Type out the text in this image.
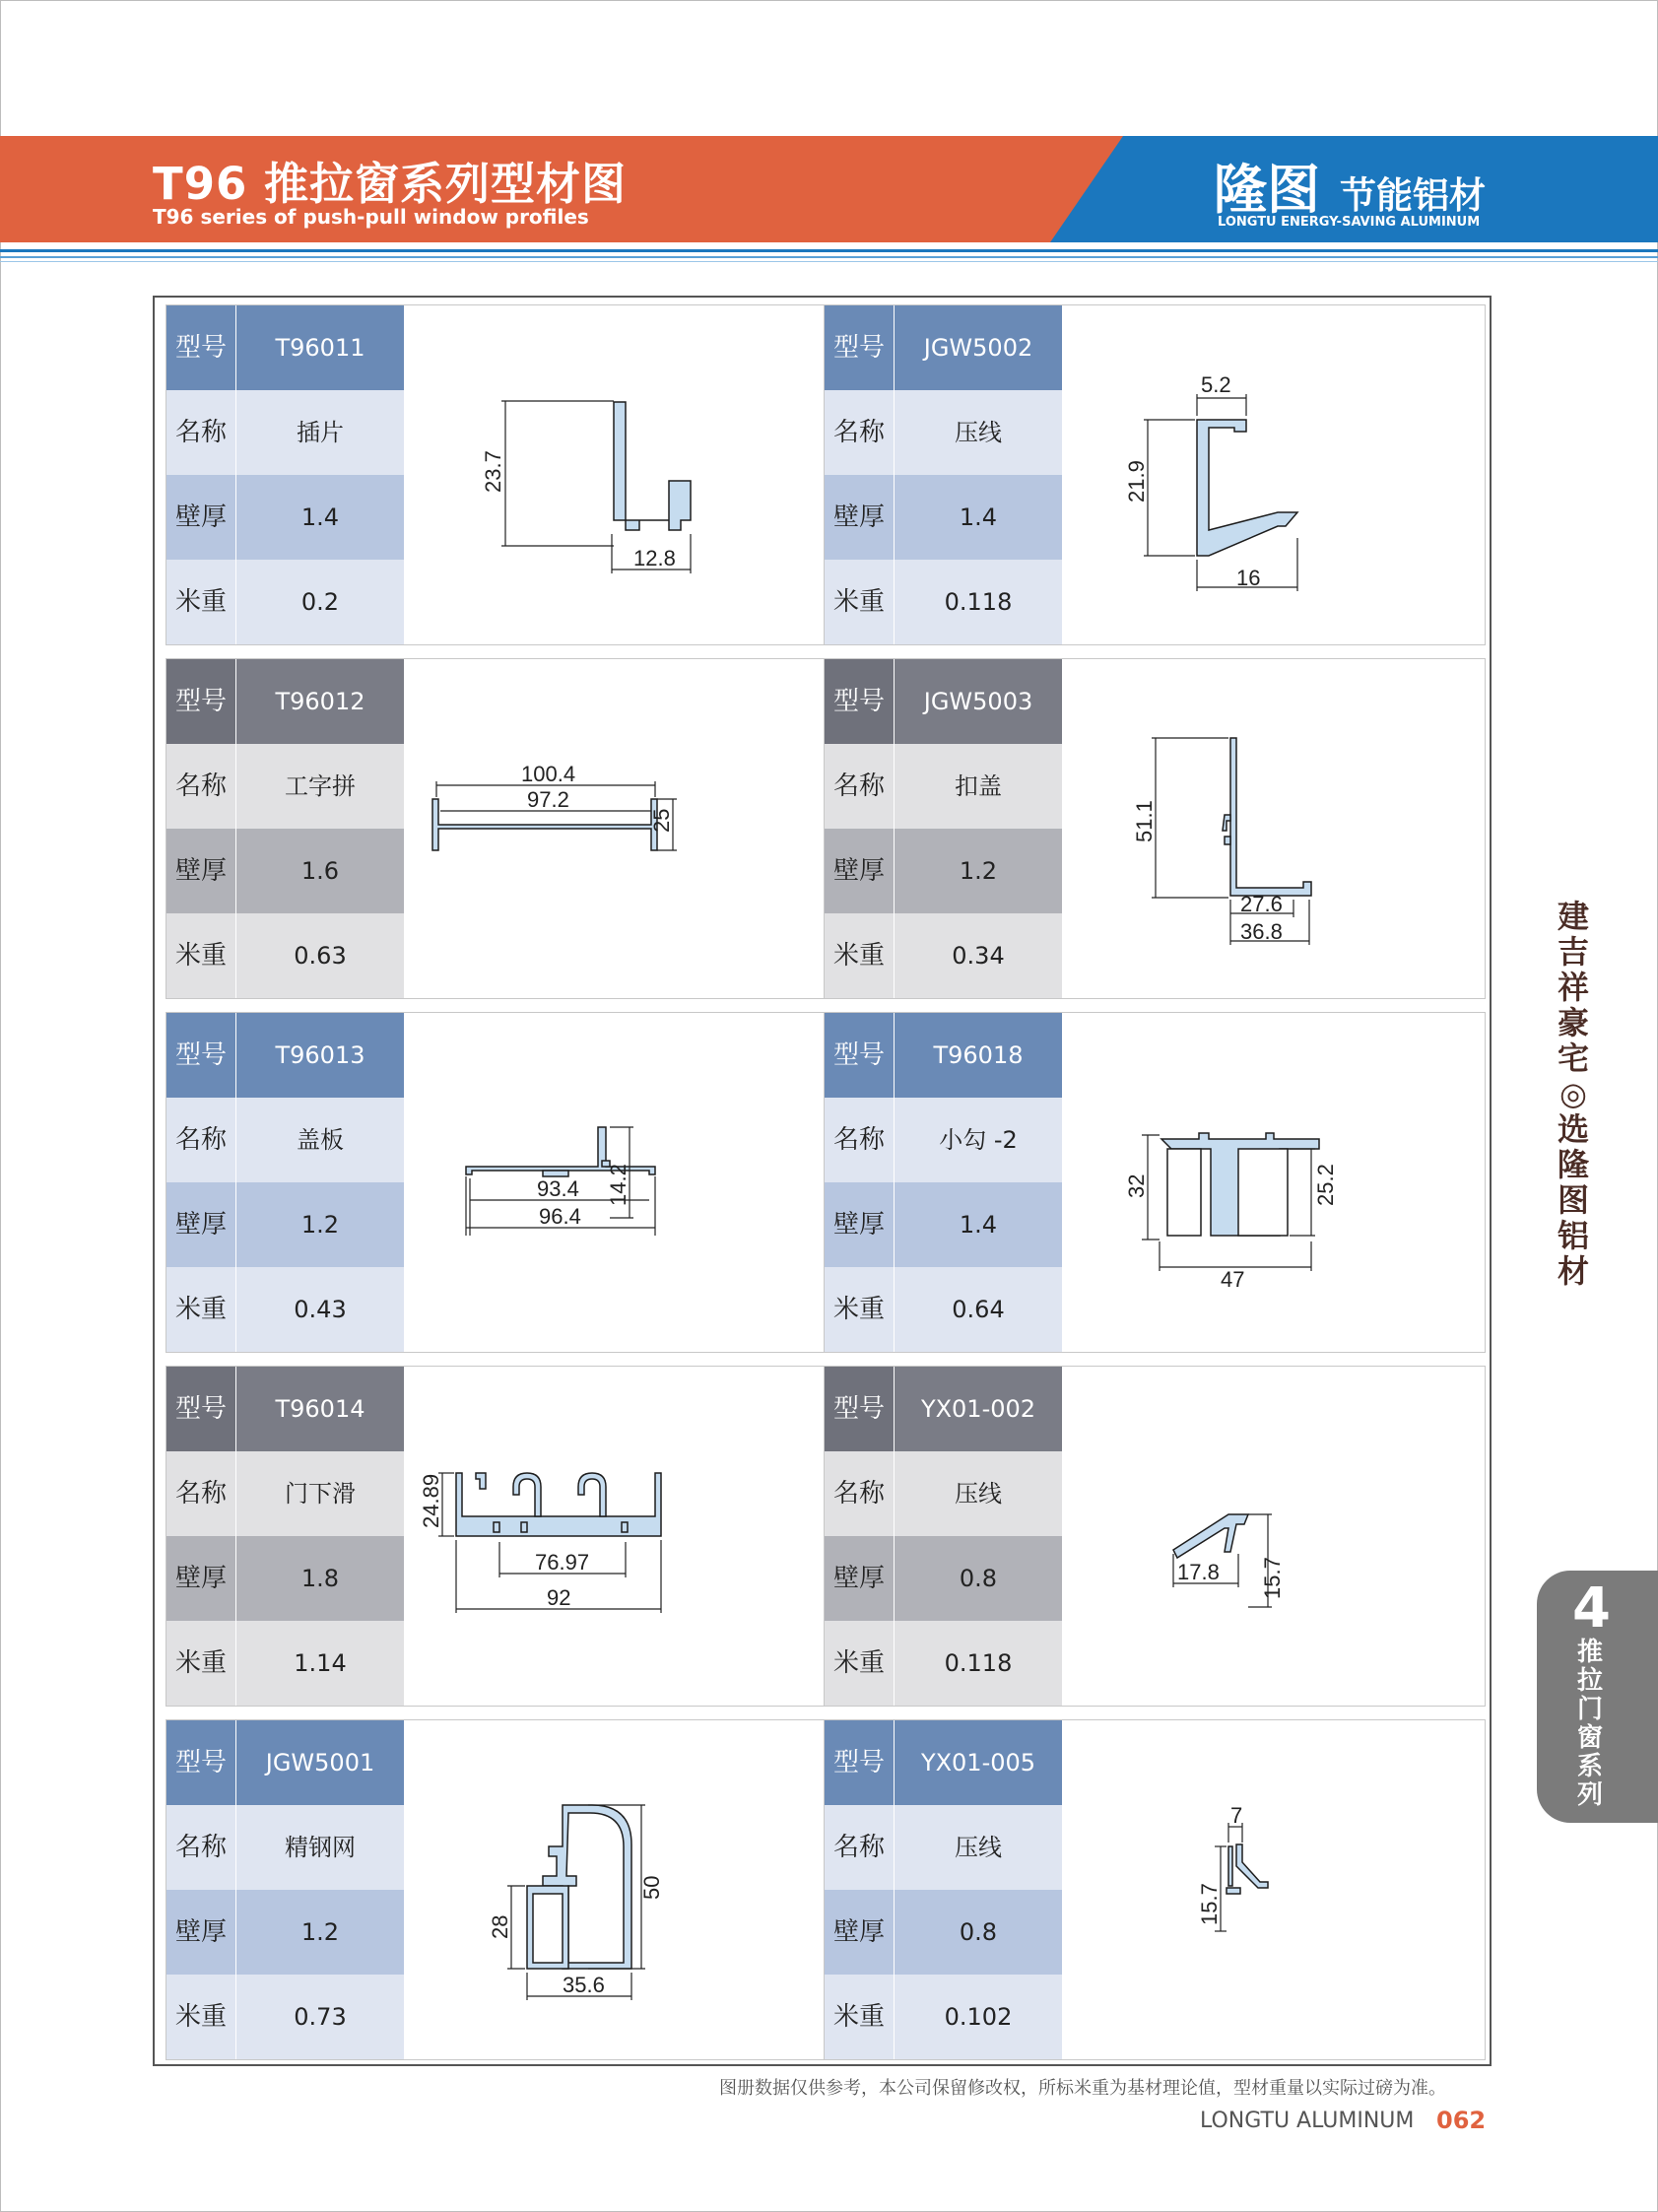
T96 推拉窗系列型材图
T96 series of push-pull window profiles	隆图 节能铝材
LONGTU ENERGY-SAVING ALUMINUM
23.7
12.8
型号	T96011
名称	插片
壁厚	1.4
米重	0.2
5.2
21.9
16
型号	JGW5002
名称	压线
壁厚	1.4
米重	0.118
100.4
97.2
25
型号	T96012
名称	工字拼
壁厚	1.6
米重	0.63
51.1
27.6
36.8
型号	JGW5003
名称	扣盖
壁厚	1.2
米重	0.34
93.4
96.4
14.2
型号	T96013
名称	盖板
壁厚	1.2
米重	0.43
32	25.2
47
型号	T96018
名称	小勾 -2
壁厚	1.4
米重	0.64
24.89
76.97
92
型号	T96014
名称	门下滑
壁厚	1.8
米重	1.14
17.8 15.7
型号	YX01-002
名称	压线
壁厚	0.8
米重	0.118
50
28
35.6
型号	JGW5001
名称	精钢网
壁厚	1.2
米重	0.73
7
15.7
型号	YX01-005
名称	压线
壁厚	0.8
米重	0.102
建吉祥豪宅◎选隆图铝材
4
推拉门窗系列
图册数据仅供参考，本公司保留修改权，所标米重为基材理论值，型材重量以实际过磅为准。
LONGTU ALUMINUM 062
